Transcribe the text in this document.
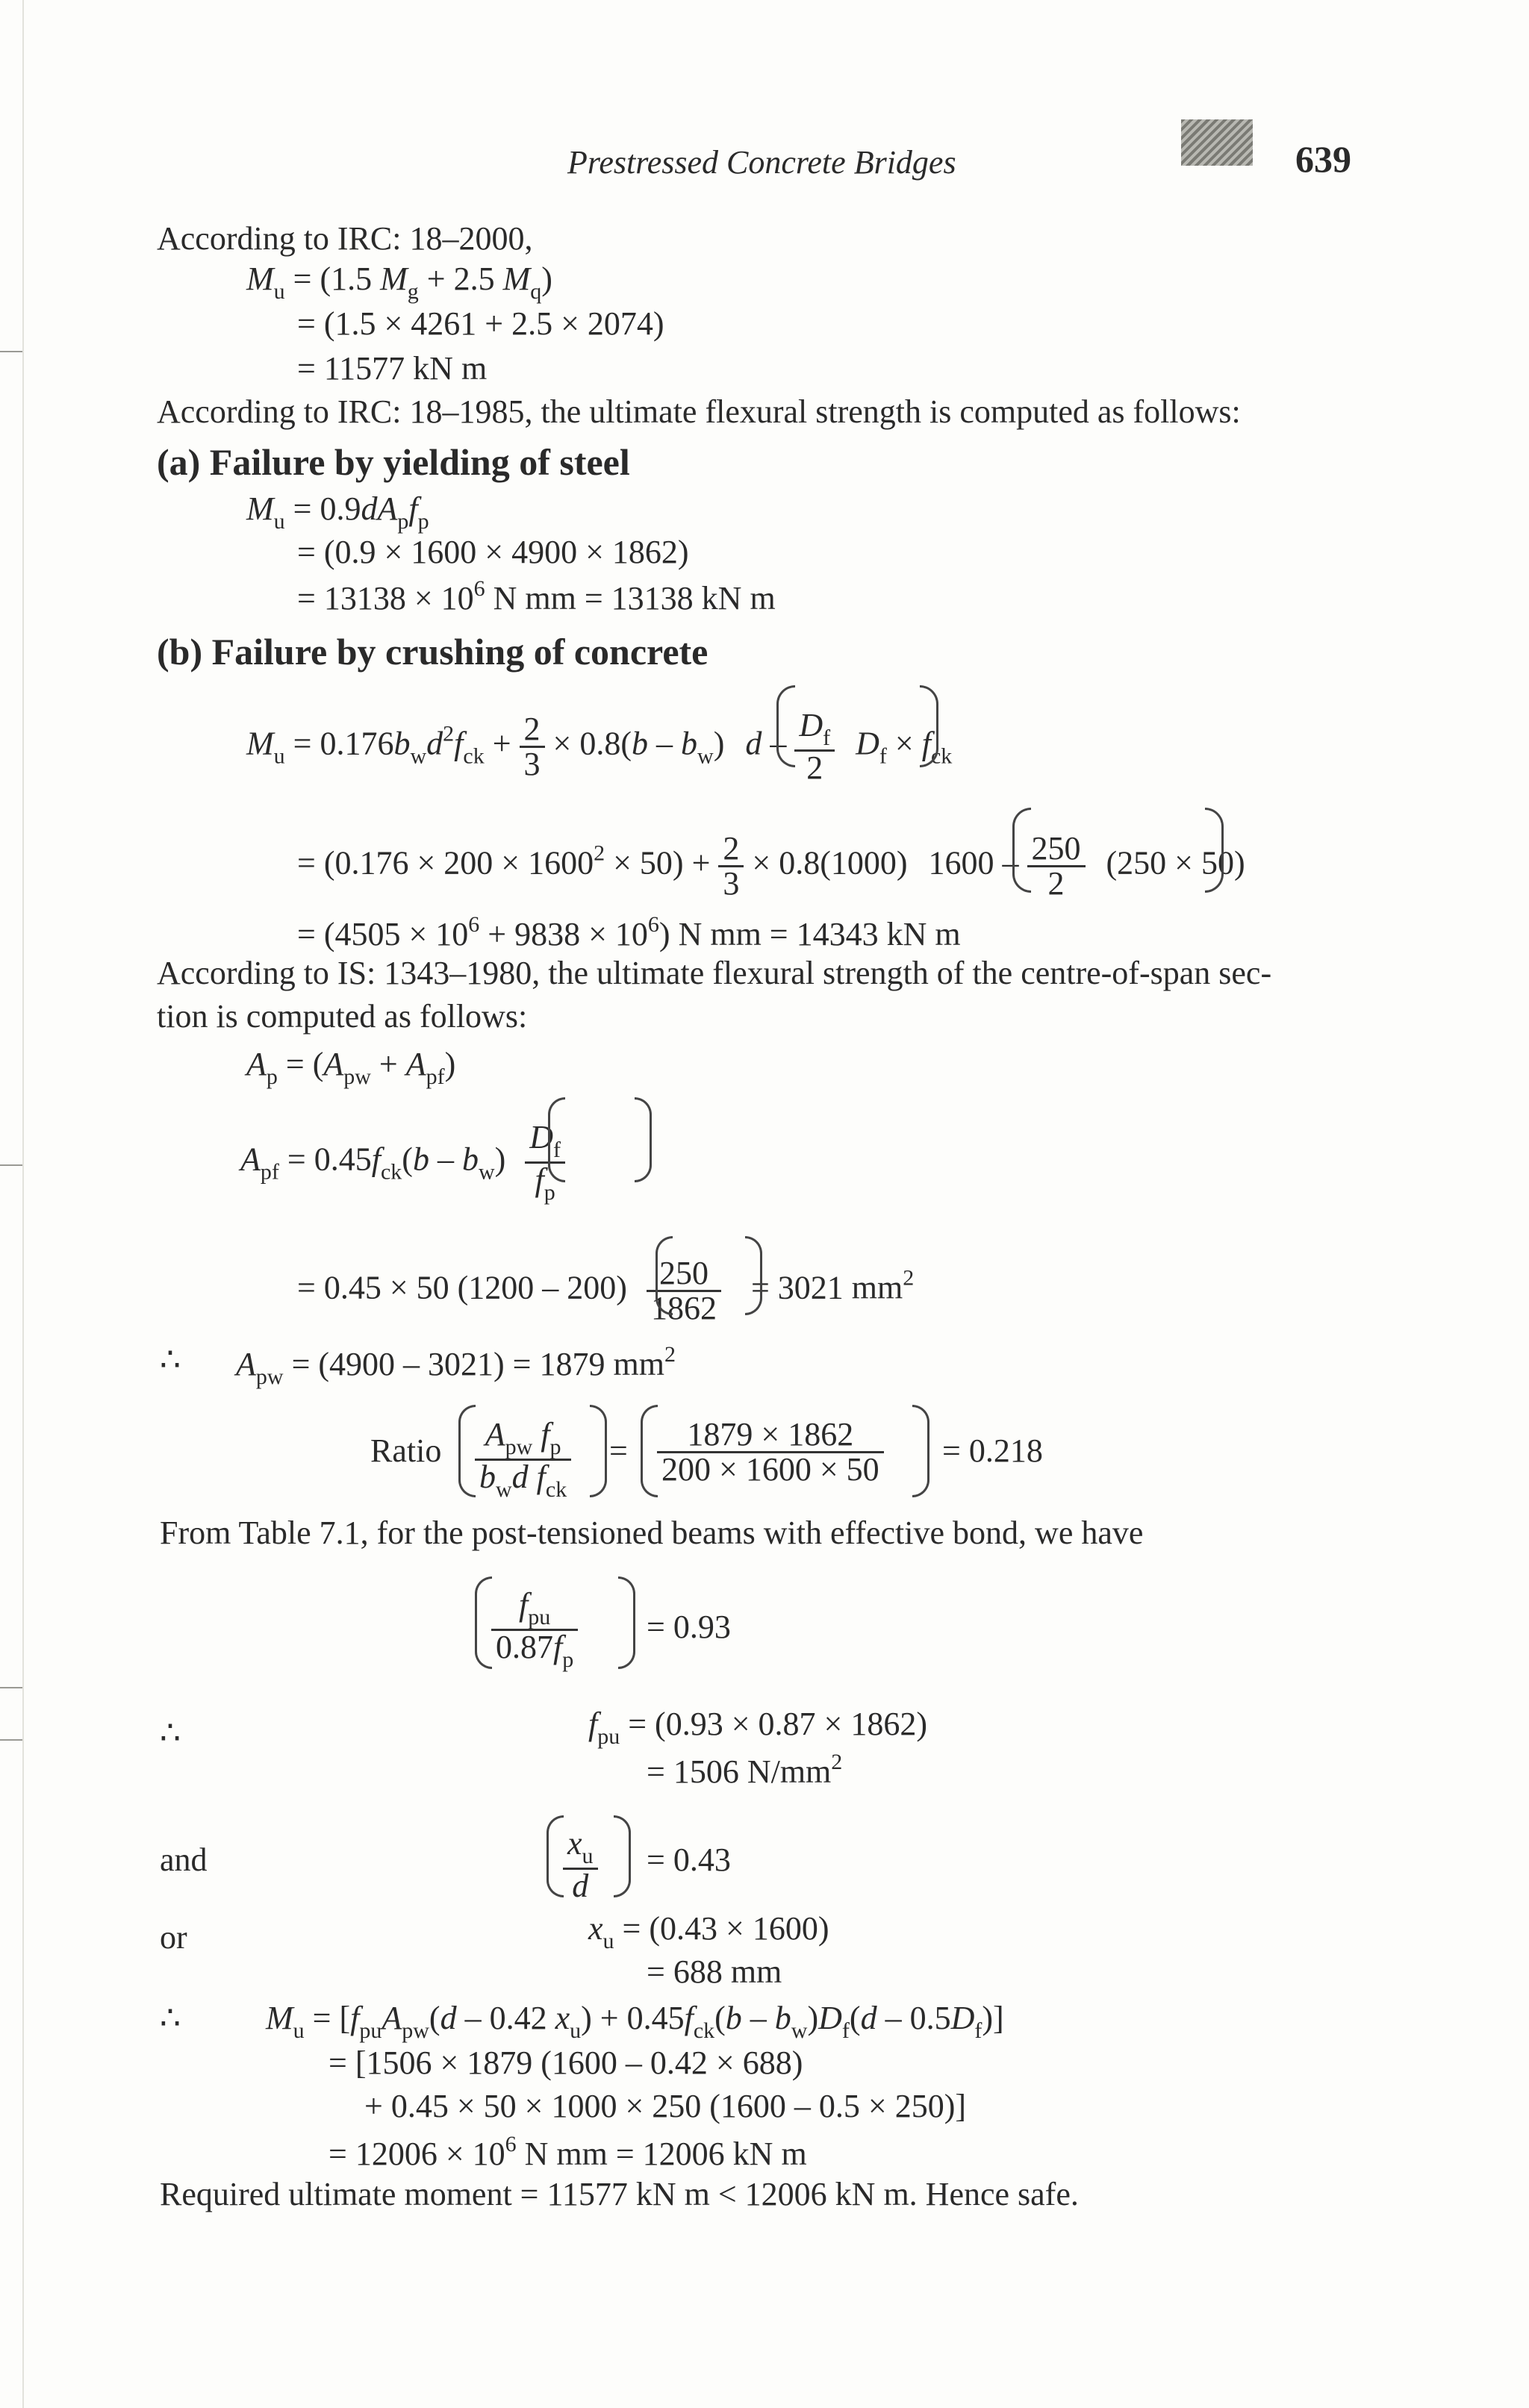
Prestressed Concrete Bridges	639
According to IRC: 18–2000,
$M_u = (1.5$ $M_g + 2.5$ $M_q$)
= (1.5 × 4261 + 2.5 × 2074)
= 11577 kN m
According to IRC: 18–1985, the ultimate flexural strength is computed as follows:
(a) Failure by yielding of steel
$M_u = 0.9dA_pf_p$
= (0.9 × 1600 × 4900 × 1862)
= $13138 \times 10^6$ N mm = 13138 kN m
(b) Failure by crushing of concrete
$M_u = 0.176b_wd^2f_{ck} + \frac{2}{3} \times 0.8(b - b_w)$ $d - \frac{D_f}{2} D_f \times f_{ck}$
= $(0.176 \times 200 \times 1600^2 \times 50) + \frac{2}{3} \times 0.8(1000)$ $1600 - \frac{250}{2} (250 \times 50)$
= $(4505 \times 10^6 + 9838 \times 10^6)$ N mm = 14343 kN m
According to IS: 1343–1980, the ultimate flexural strength of the centre-of-span sec-
tion is computed as follows:
$A_p = (A_{pw} + A_{pf})$
$A_{pf} = 0.45f_{ck}(b - b_w) \frac{D_f}{f_p}$
= 0.45 × 50 $(1200 - 200) \frac{250}{1862} = 3021$ $mm^2$
∴ $A_{pw} = (4900 - 3021) = 1879$ $mm^2$
Ratio $\frac{A_{pw} f_p}{b_wd f_{ck}} = \frac{1879 \times 1862}{200 \times 1600 \times 50} = 0.218$
From Table 7.1, for the post-tensioned beams with effective bond, we have
$\frac{f_{pu}}{0.87f_p} = 0.93$
∴	$f_{pu} = (0.93 \times 0.87 \times 1862)$
= 1506 $N/mm^2$
and	$\frac{x_u}{d} = 0.43$
or	$x_u = (0.43 \times 1600)$
= 688 mm
∴	$M_u = [f_{pu}A_{pw}(d - 0.42$ $x_u) + 0.45f_{ck}(b - b_w)D_f(d - 0.5D_f)$]
= [1506 × 1879 (1600 – 0.42 × 688)
+ 0.45 × 50 × 1000 × 250 (1600 – 0.5 × 250)]
= $12006 \times 10^6$ N mm = 12006 kN m
Required ultimate moment = 11577 kN m < 12006 kN m. Hence safe.
